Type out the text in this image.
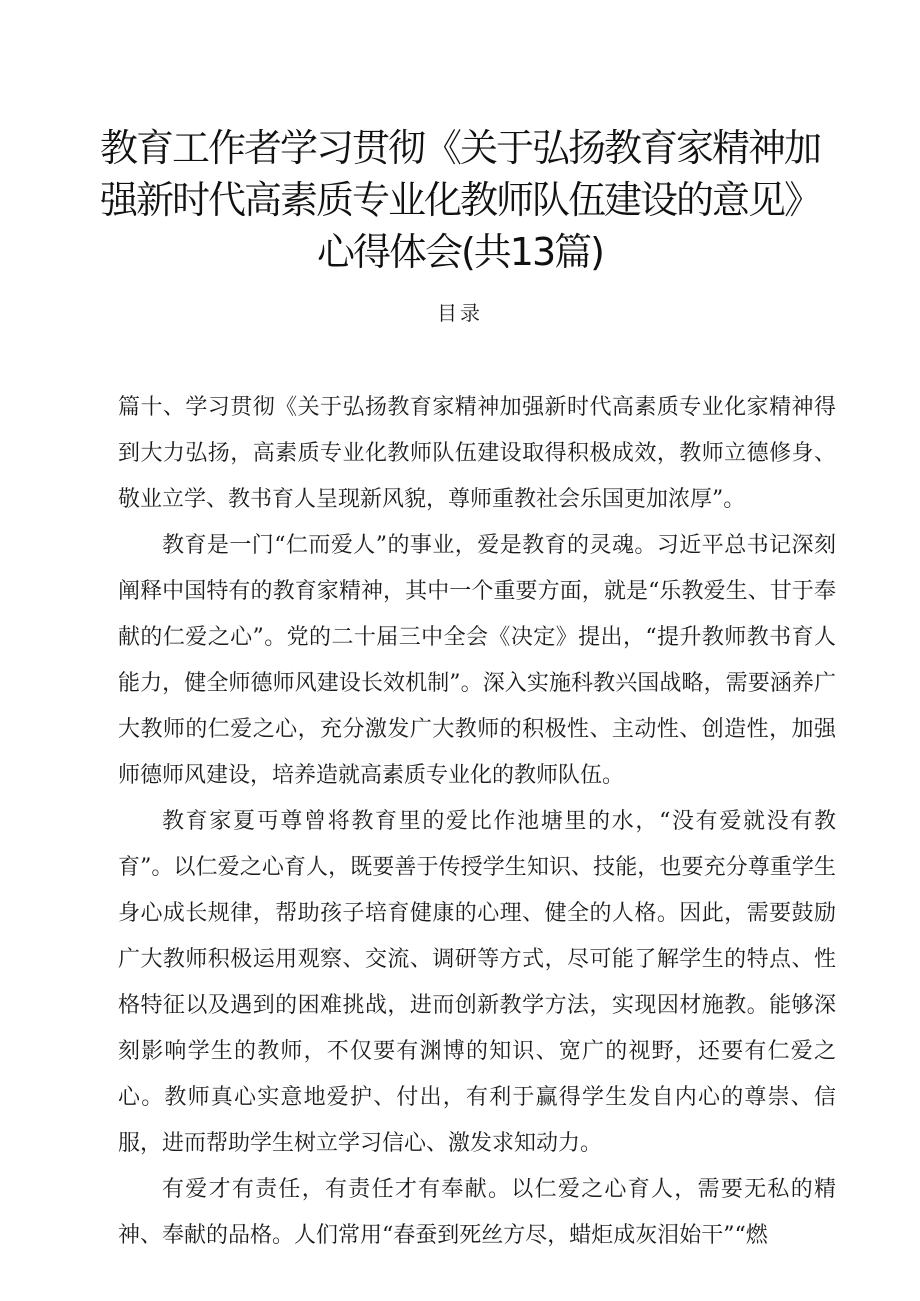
教育工作者学习贯彻《关于弘扬教育家精神加强新时代高素质专业化教师队伍建设的意见》心得体会(共13篇)
目录

篇十、学习贯彻《关于弘扬教育家精神加强新时代高素质专业化家精神得到大力弘扬，高素质专业化教师队伍建设取得积极成效，教师立德修身、敬业立学、教书育人呈现新风貌，尊师重教社会乐国更加浓厚”。

教育是一门“仁而爱人”的事业，爱是教育的灵魂。习近平总书记深刻阐释中国特有的教育家精神，其中一个重要方面，就是“乐教爱生、甘于奉献的仁爱之心”。党的二十届三中全会《决定》提出，“提升教师教书育人能力，健全师德师风建设长效机制”。深入实施科教兴国战略，需要涵养广大教师的仁爱之心，充分激发广大教师的积极性、主动性、创造性，加强师德师风建设，培养造就高素质专业化的教师队伍。

教育家夏丏尊曾将教育里的爱比作池塘里的水，“没有爱就没有教育”。以仁爱之心育人，既要善于传授学生知识、技能，也要充分尊重学生身心成长规律，帮助孩子培育健康的心理、健全的人格。因此，需要鼓励广大教师积极运用观察、交流、调研等方式，尽可能了解学生的特点、性格特征以及遇到的困难挑战，进而创新教学方法，实现因材施教。能够深刻影响学生的教师，不仅要有渊博的知识、宽广的视野，还要有仁爱之心。教师真心实意地爱护、付出，有利于赢得学生发自内心的尊崇、信服，进而帮助学生树立学习信心、激发求知动力。

有爱才有责任，有责任才有奉献。以仁爱之心育人，需要无私的精神、奉献的品格。人们常用“春蚕到死丝方尽，蜡炬成灰泪始干”“燃
